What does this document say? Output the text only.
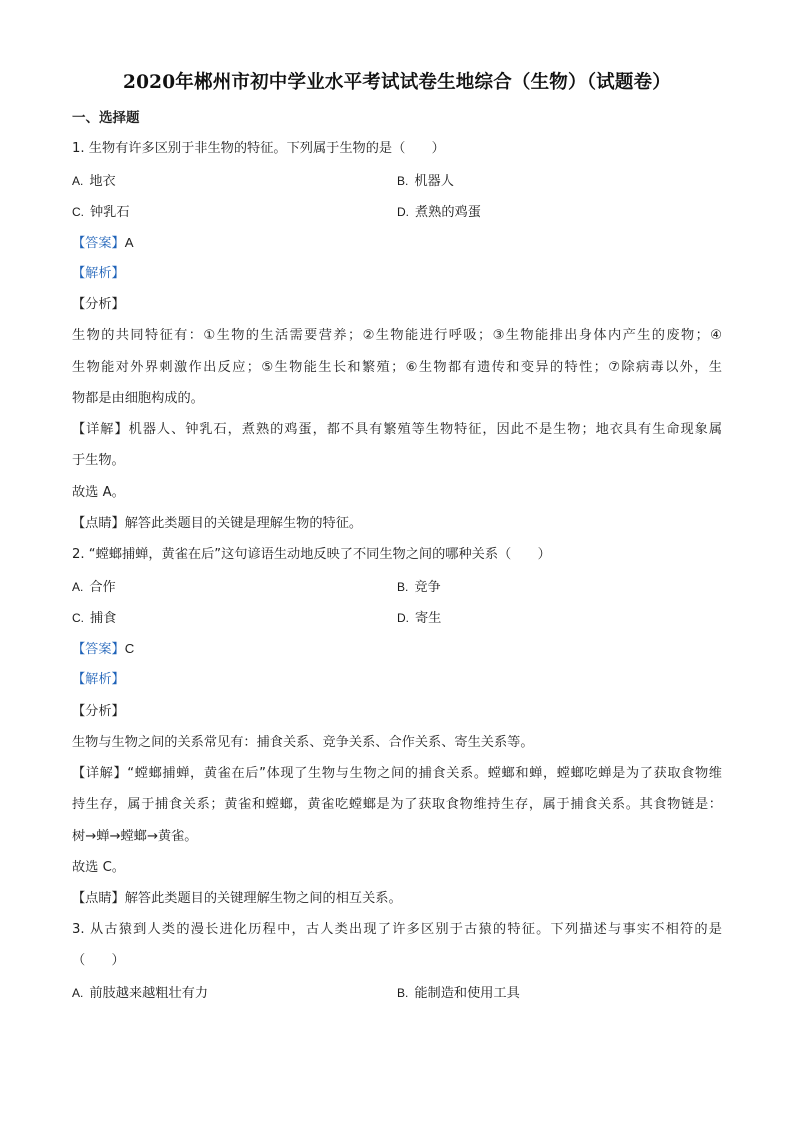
2020年郴州市初中学业水平考试试卷生地综合（生物）（试题卷）
一、选择题
1. 生物有许多区别于非生物的特征。下列属于生物的是（　　）
A. 地衣	B. 机器人
C. 钟乳石	D. 煮熟的鸡蛋
【答案】A
【解析】
【分析】
生物的共同特征有：①生物的生活需要营养；②生物能进行呼吸；③生物能排出身体内产生的废物；④
生物能对外界刺激作出反应；⑤生物能生长和繁殖；⑥生物都有遗传和变异的特性；⑦除病毒以外，生
物都是由细胞构成的。
【详解】机器人、钟乳石，煮熟的鸡蛋，都不具有繁殖等生物特征，因此不是生物；地衣具有生命现象属
于生物。
故选 A。
【点睛】解答此类题目的关键是理解生物的特征。
2. “螳螂捕蝉，黄雀在后”这句谚语生动地反映了不同生物之间的哪种关系（　　）
A. 合作	B. 竞争
C. 捕食	D. 寄生
【答案】C
【解析】
【分析】
生物与生物之间的关系常见有：捕食关系、竞争关系、合作关系、寄生关系等。
【详解】“螳螂捕蝉，黄雀在后”体现了生物与生物之间的捕食关系。螳螂和蝉，螳螂吃蝉是为了获取食物维
持生存，属于捕食关系；黄雀和螳螂，黄雀吃螳螂是为了获取食物维持生存，属于捕食关系。其食物链是：
树→蝉→螳螂→黄雀。
故选 C。
【点睛】解答此类题目的关键理解生物之间的相互关系。
3. 从古猿到人类的漫长进化历程中，古人类出现了许多区别于古猿的特征。下列描述与事实不相符的是
（　　）
A. 前肢越来越粗壮有力	B. 能制造和使用工具
